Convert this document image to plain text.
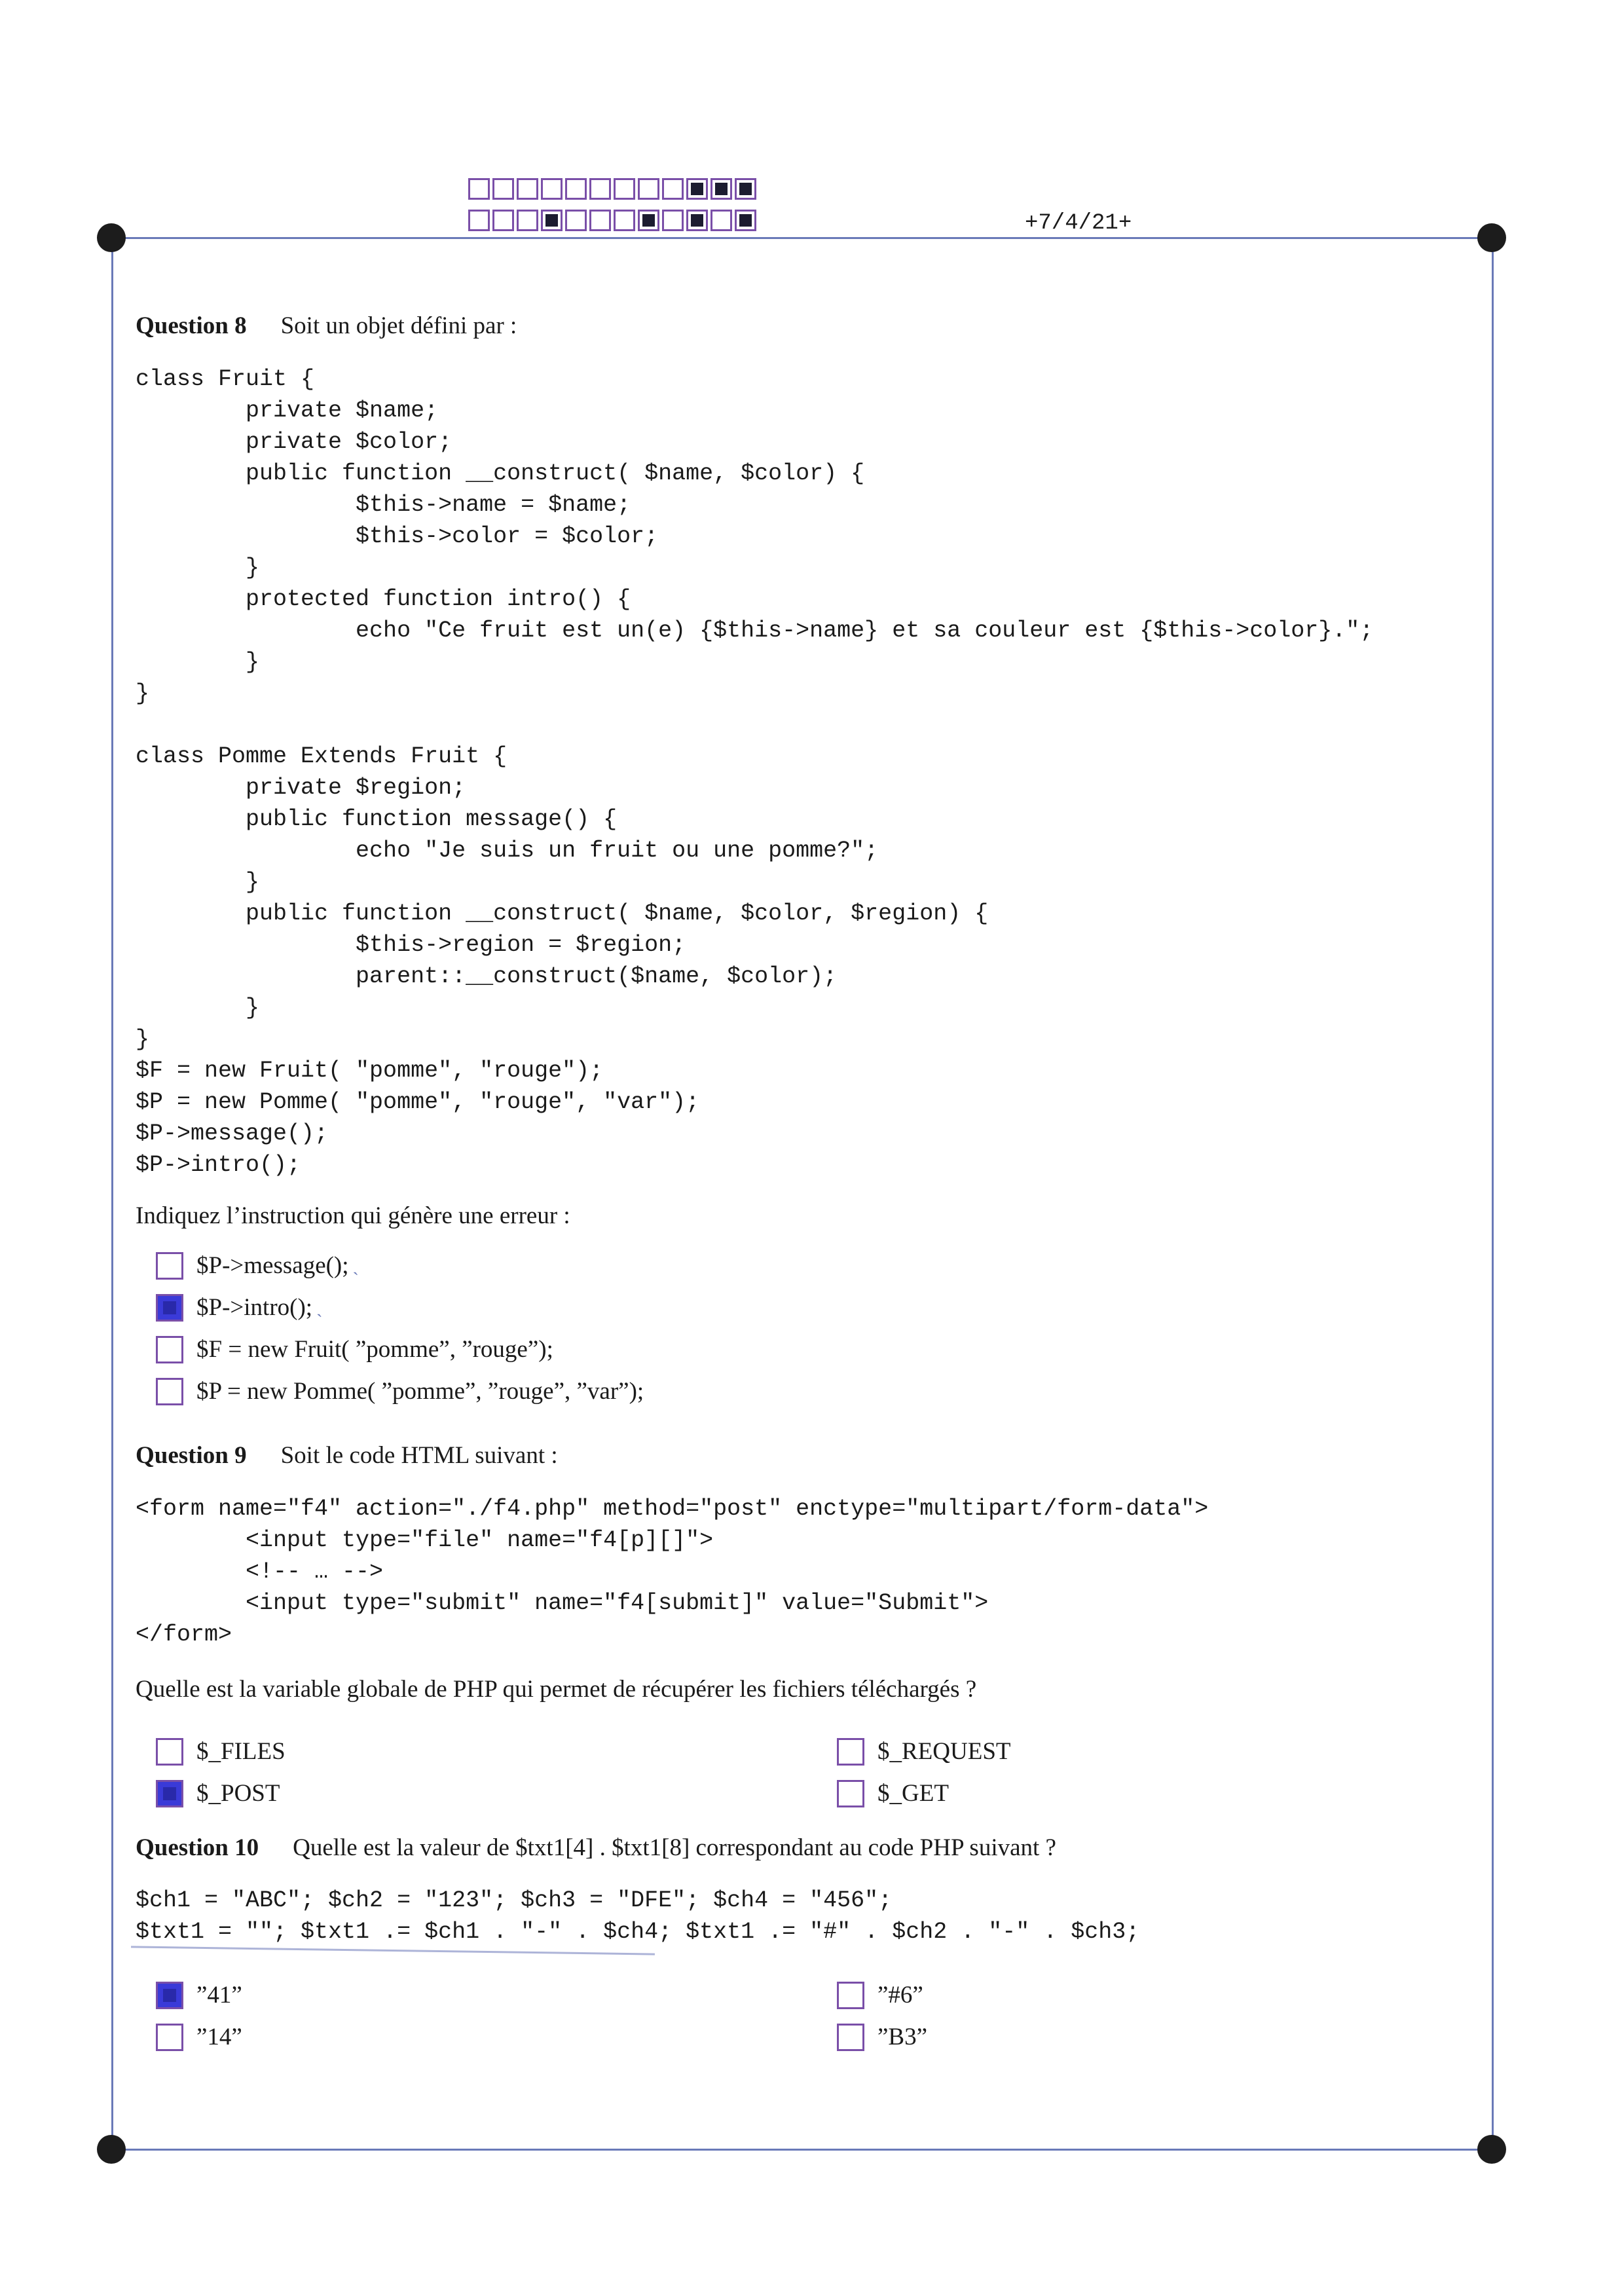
+7/4/21+
Question 8 Soit un objet défini par :
class Fruit {
private $name;
private $color;
public function __construct( $name, $color) {
$this->name = $name;
$this->color = $color;
}
protected function intro() {
echo "Ce fruit est un(e) {$this->name} et sa couleur est {$this->color}.";
}
}

class Pomme Extends Fruit {
private $region;
public function message() {
echo "Je suis un fruit ou une pomme?";
}
public function __construct( $name, $color, $region) {
$this->region = $region;
parent::__construct($name, $color);
}
}
$F = new Fruit( "pomme", "rouge");
$P = new Pomme( "pomme", "rouge", "var");
$P->message();
$P->intro();
Indiquez l’instruction qui génère une erreur :
$P->message(); ˎ
$P->intro(); ˎ
$F = new Fruit( ”pomme”, ”rouge”);
$P = new Pomme( ”pomme”, ”rouge”, ”var”);
Question 9 Soit le code HTML suivant :
<form name="f4" action="./f4.php" method="post" enctype="multipart/form-data">
<input type="file" name="f4[p][]">
<!-- … -->
<input type="submit" name="f4[submit]" value="Submit">
</form>
Quelle est la variable globale de PHP qui permet de récupérer les fichiers téléchargés ?
$_FILES	$_REQUEST
$_POST	$_GET
Question 10 Quelle est la valeur de $txt1[4] . $txt1[8] correspondant au code PHP suivant ?
$ch1 = "ABC"; $ch2 = "123"; $ch3 = "DFE"; $ch4 = "456";
$txt1 = ""; $txt1 .= $ch1 . "-" . $ch4; $txt1 .= "#" . $ch2 . "-" . $ch3;
”41”	”#6”
”14”	”B3”
